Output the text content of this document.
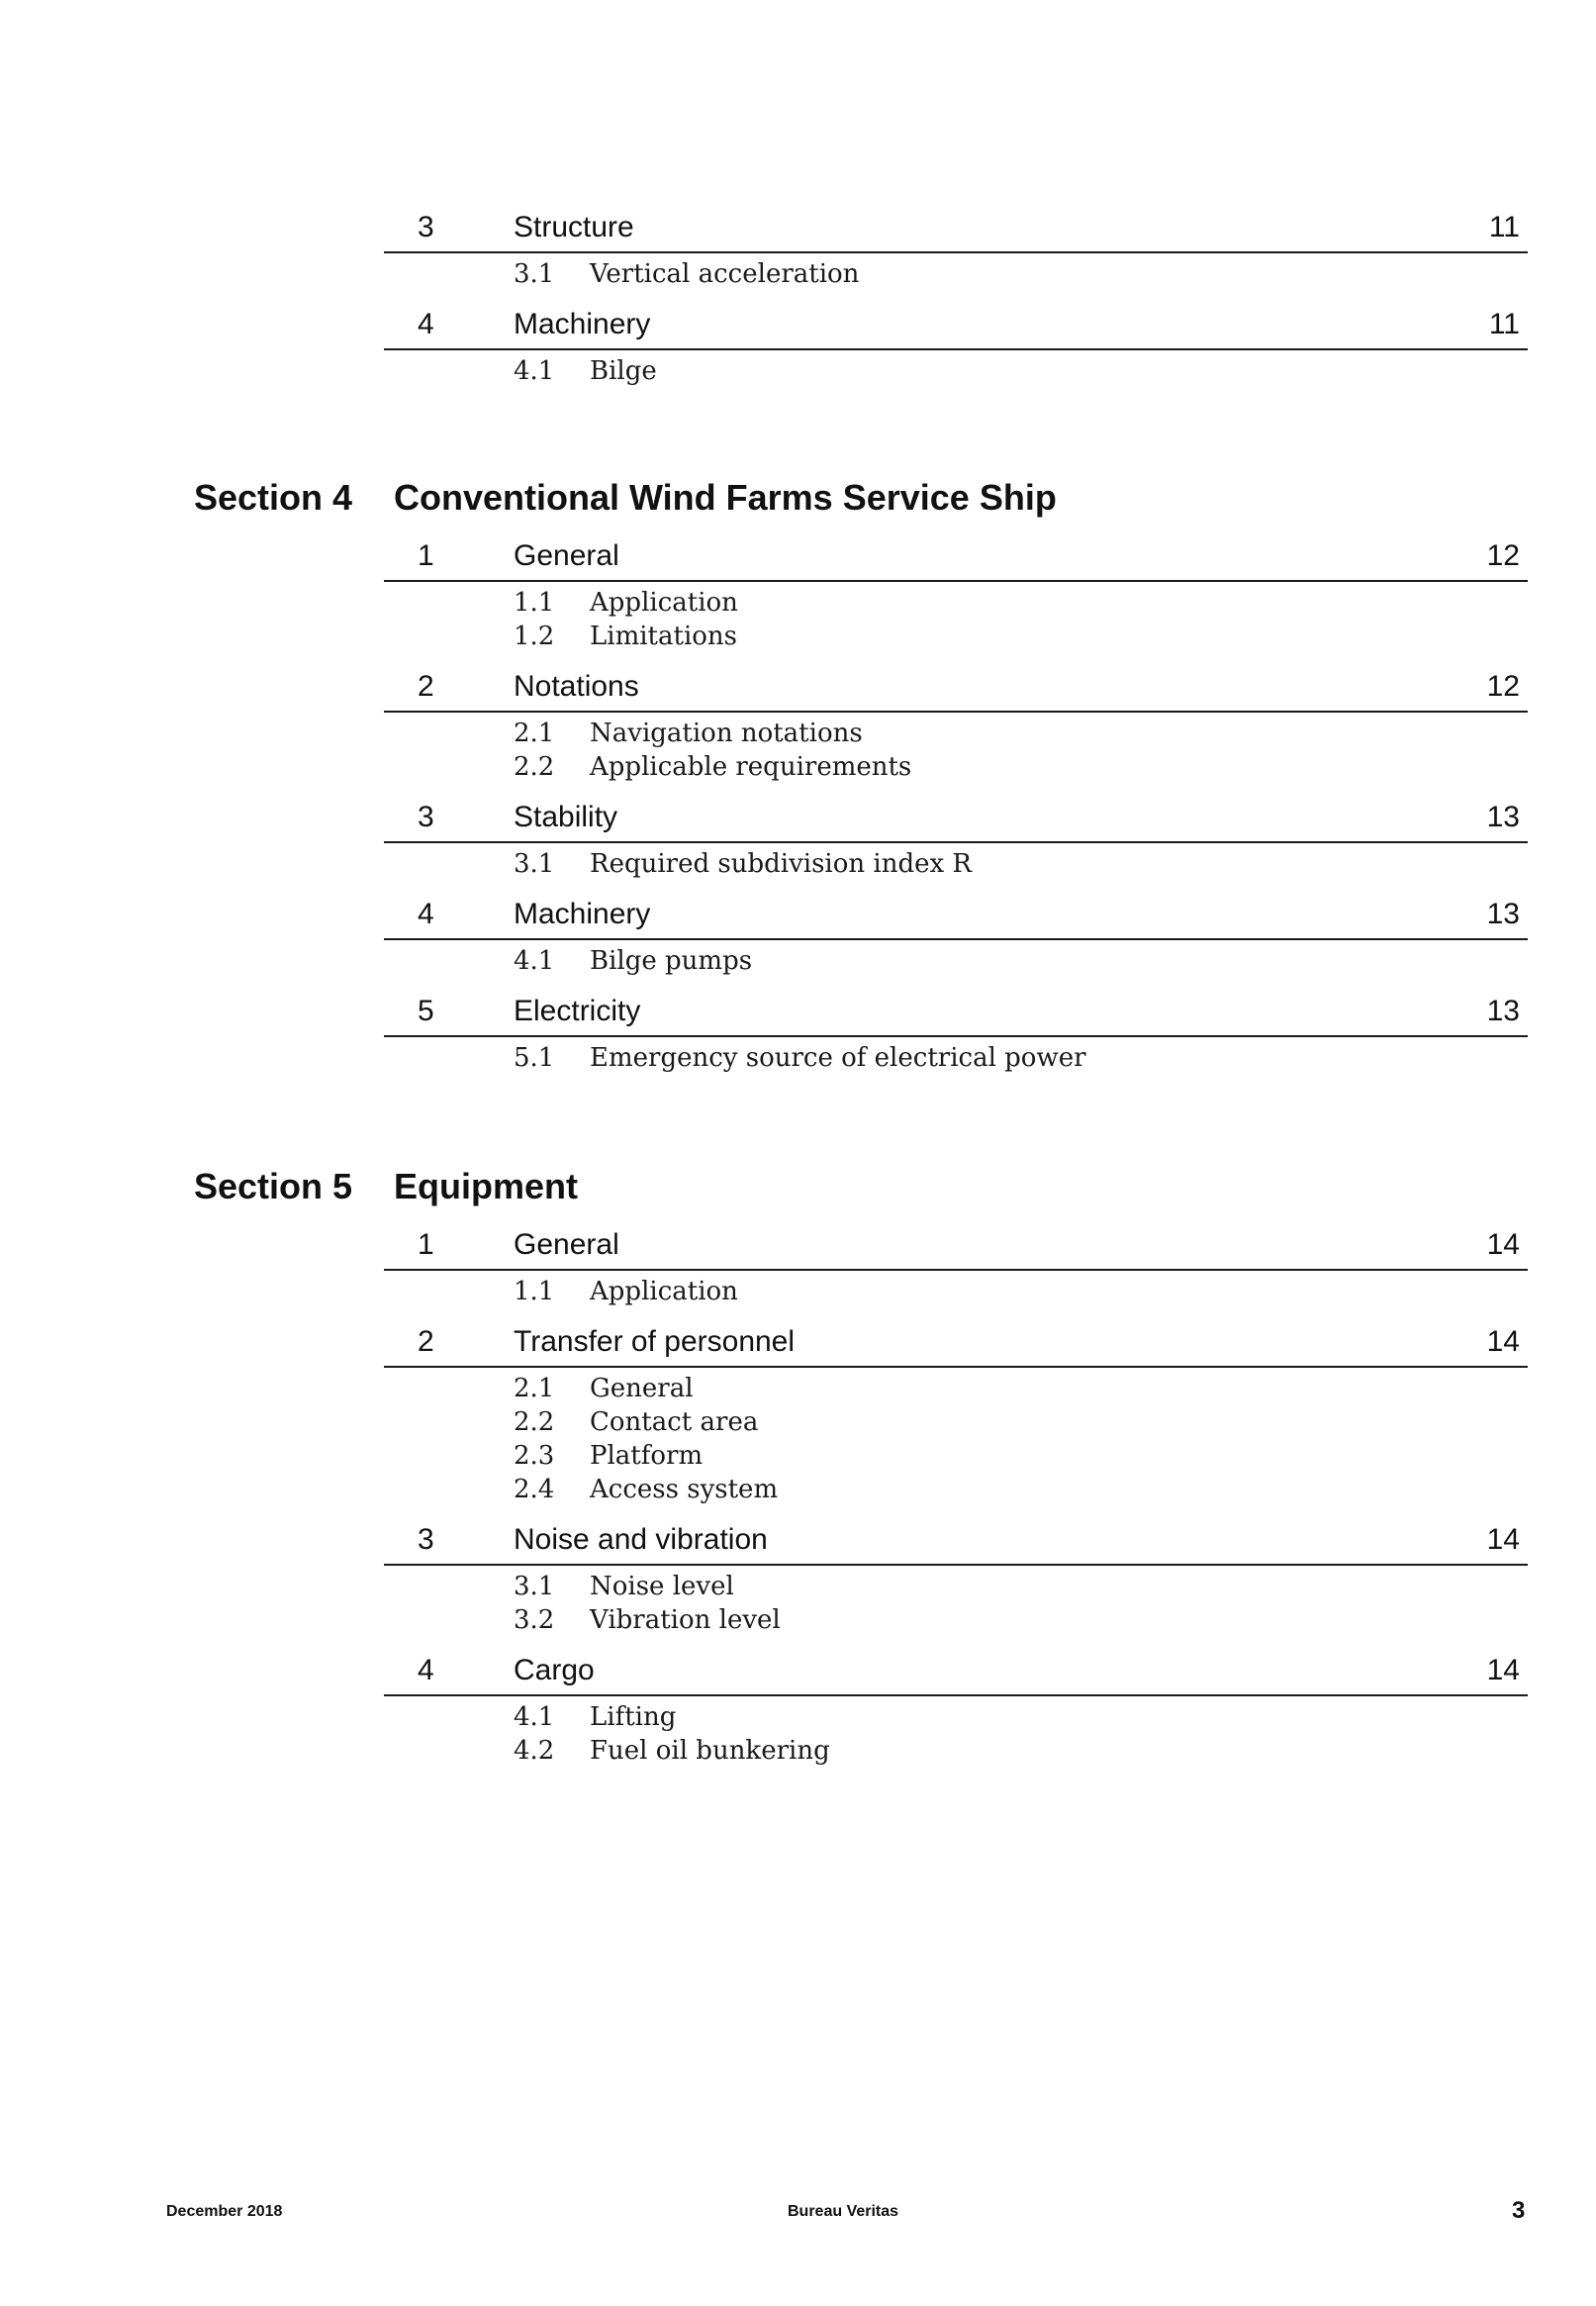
3	Structure	11
3.1 Vertical acceleration
4	Machinery	11
4.1 Bilge
Section 4 Conventional Wind Farms Service Ship
1	General	12
1.1 Application
1.2 Limitations
2	Notations	12
2.1 Navigation notations
2.2 Applicable requirements
3	Stability	13
3.1 Required subdivision index R
4	Machinery	13
4.1 Bilge pumps
5	Electricity	13
5.1 Emergency source of electrical power
Section 5 Equipment
1	General	14
1.1 Application
2	Transfer of personnel	14
2.1 General
2.2 Contact area
2.3 Platform
2.4 Access system
3	Noise and vibration	14
3.1 Noise level
3.2 Vibration level
4	Cargo	14
4.1 Lifting
4.2 Fuel oil bunkering
December 2018	Bureau Veritas	3
